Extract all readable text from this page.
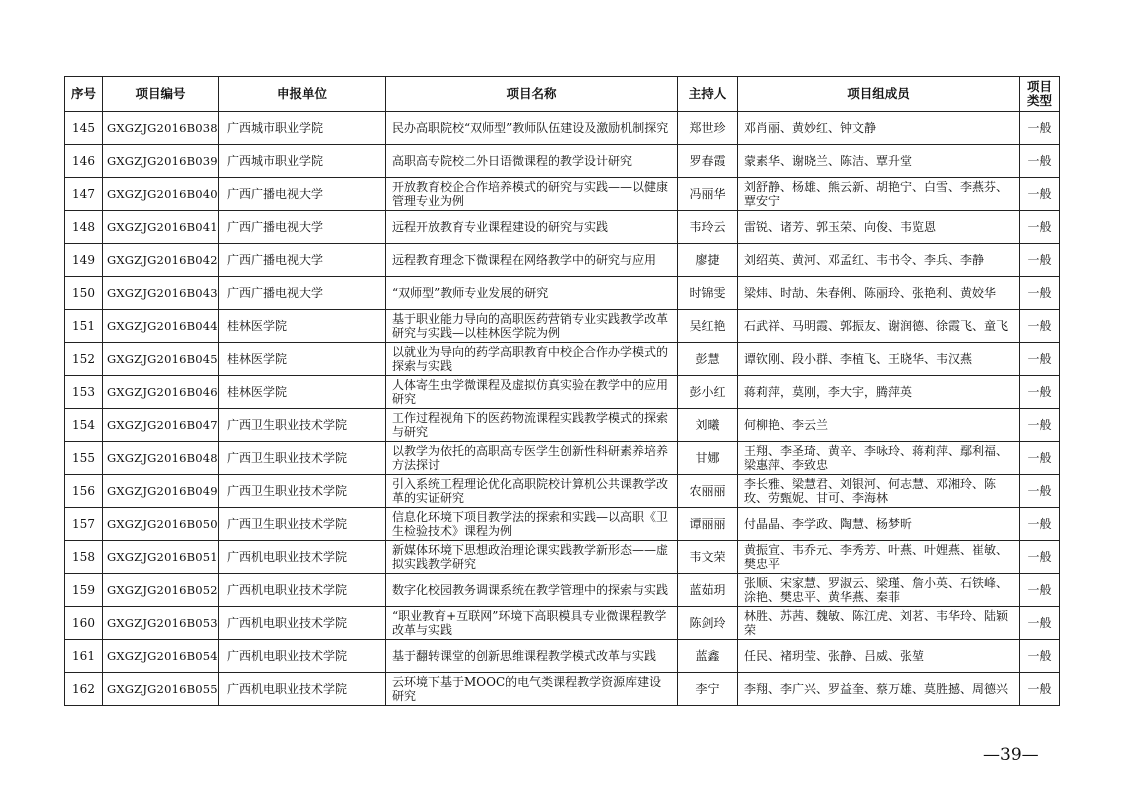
序号	项目编号	申报单位	项目名称	主持人	项目组成员	项目类型
145	GXGZJG2016B038	广西城市职业学院	民办高职院校“双师型”教师队伍建设及激励机制探究	郑世珍	邓肖丽、黄妙红、钟文静	一般
146	GXGZJG2016B039	广西城市职业学院	高职高专院校二外日语微课程的教学设计研究	罗春霞	蒙素华、谢晓兰、陈洁、覃升堂	一般
147	GXGZJG2016B040	广西广播电视大学	开放教育校企合作培养模式的研究与实践——以健康管理专业为例	冯丽华	刘舒静、杨雄、熊云新、胡艳宁、白雪、李燕芬、覃安宁	一般
148	GXGZJG2016B041	广西广播电视大学	远程开放教育专业课程建设的研究与实践	韦玲云	雷锐、诸芳、郭玉荣、向俊、韦览恩	一般
149	GXGZJG2016B042	广西广播电视大学	远程教育理念下微课程在网络教学中的研究与应用	廖捷	刘绍英、黄河、邓孟红、韦书令、李兵、李静	一般
150	GXGZJG2016B043	广西广播电视大学	“双师型”教师专业发展的研究	时锦雯	梁炜、时劼、朱春俐、陈丽玲、张艳利、黄姣华	一般
151	GXGZJG2016B044	桂林医学院	基于职业能力导向的高职医药营销专业实践教学改革研究与实践—以桂林医学院为例	吴红艳	石武祥、马明霞、郭振友、谢润德、徐霞飞、童飞	一般
152	GXGZJG2016B045	桂林医学院	以就业为导向的药学高职教育中校企合作办学模式的探索与实践	彭慧	谭钦刚、段小群、李植飞、王晓华、韦汉燕	一般
153	GXGZJG2016B046	桂林医学院	人体寄生虫学微课程及虚拟仿真实验在教学中的应用研究	彭小红	蒋莉萍，莫刚，李大宇，腾萍英	一般
154	GXGZJG2016B047	广西卫生职业技术学院	工作过程视角下的医药物流课程实践教学模式的探索与研究	刘曦	何柳艳、李云兰	一般
155	GXGZJG2016B048	广西卫生职业技术学院	以教学为依托的高职高专医学生创新性科研素养培养方法探讨	甘娜	王翔、李圣琦、黄辛、李咏玲、蒋莉萍、鄢利福、梁惠萍、李致忠	一般
156	GXGZJG2016B049	广西卫生职业技术学院	引入系统工程理论优化高职院校计算机公共课教学改革的实证研究	农丽丽	李长雅、梁慧君、刘银河、何志慧、邓湘玲、陈玫、劳甄妮、甘可、李海林	一般
157	GXGZJG2016B050	广西卫生职业技术学院	信息化环境下项目教学法的探索和实践—以高职《卫生检验技术》课程为例	谭丽丽	付晶晶、李学政、陶慧、杨梦昕	一般
158	GXGZJG2016B051	广西机电职业技术学院	新媒体环境下思想政治理论课实践教学新形态——虚拟实践教学研究	韦文荣	黄振宣、韦乔元、李秀芳、叶燕、叶娌燕、崔敏、樊忠平	一般
159	GXGZJG2016B052	广西机电职业技术学院	数字化校园教务调课系统在教学管理中的探索与实践	蓝茹玥	张顺、宋家慧、罗淑云、梁瑾、詹小英、石铁峰、涂艳、樊忠平、黄华燕、秦菲	一般
160	GXGZJG2016B053	广西机电职业技术学院	“职业教育+互联网”环境下高职模具专业微课程教学改革与实践	陈剑玲	林胜、苏茜、魏敏、陈江虎、刘茗、韦华玲、陆颖荣	一般
161	GXGZJG2016B054	广西机电职业技术学院	基于翻转课堂的创新思维课程教学模式改革与实践	蓝鑫	任民、褚玥莹、张静、吕威、张堃	一般
162	GXGZJG2016B055	广西机电职业技术学院	云环境下基于MOOC的电气类课程教学资源库建设研究	李宁	李翔、李广兴、罗益奎、蔡万雄、莫胜撼、周德兴	一般
—39—
